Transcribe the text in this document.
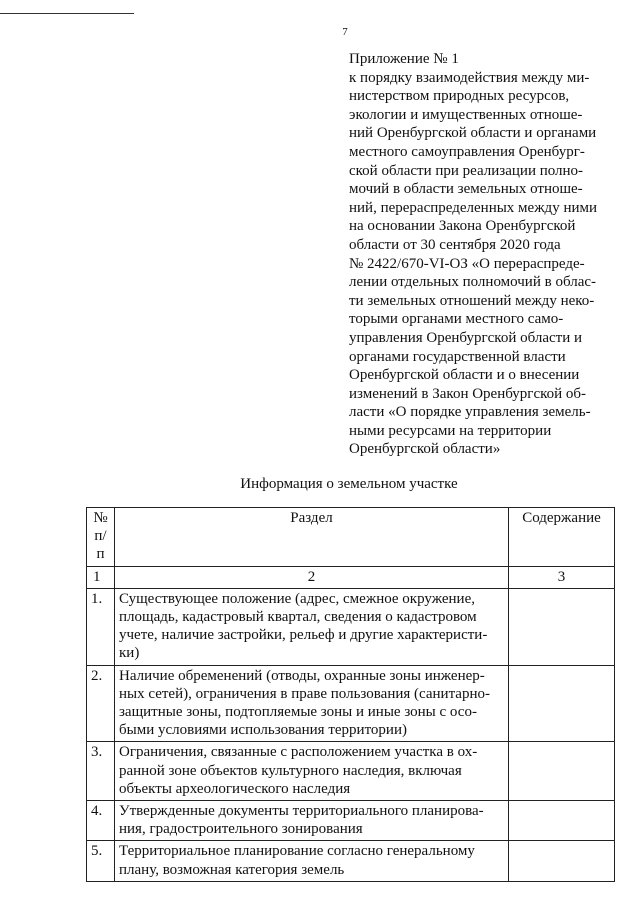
7
Приложение № 1
к порядку взаимодействия между ми-
нистерством природных ресурсов,
экологии и имущественных отноше-
ний Оренбургской области и органами
местного самоуправления Оренбург-
ской области при реализации полно-
мочий в области земельных отноше-
ний, перераспределенных между ними
на основании Закона Оренбургской
области от 30 сентября 2020 года
№ 2422/670-VI-ОЗ «О перераспреде-
лении отдельных полномочий в облас-
ти земельных отношений между неко-
торыми органами местного само-
управления Оренбургской области и
органами государственной власти
Оренбургской области и о внесении
изменений в Закон Оренбургской об-
ласти «О порядке управления земель-
ными ресурсами на территории
Оренбургской области»
Информация о земельном участке
№
п/п	Раздел	Содержание
1	2	3
1.	Существующее положение (адрес, смежное окружение,
площадь, кадастровый квартал, сведения о кадастровом
учете, наличие застройки, рельеф и другие характеристи-
ки)	

2.	Наличие обременений (отводы, охранные зоны инженер-
ных сетей), ограничения в праве пользования (санитарно-
защитные зоны, подтопляемые зоны и иные зоны с осо-
быми условиями использования территории)	

3.	Ограничения, связанные с расположением участка в ох-
ранной зоне объектов культурного наследия, включая
объекты археологического наследия	

4.	Утвержденные документы территориального планирова-
ния, градостроительного зонирования	

5.	Территориальное планирование согласно генеральному
плану, возможная категория земель	
